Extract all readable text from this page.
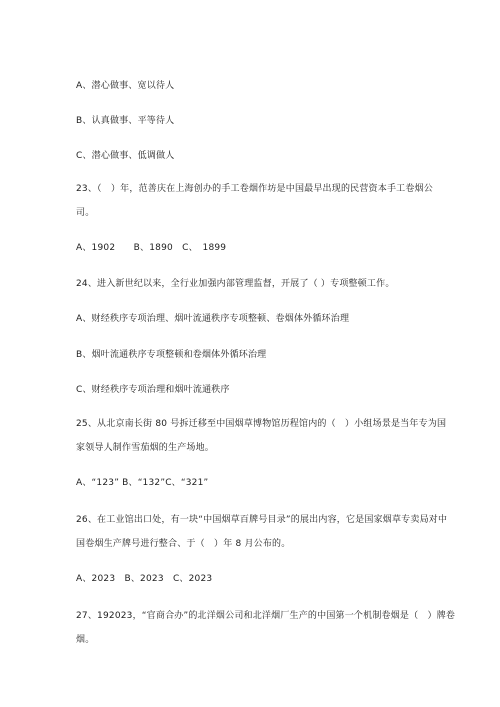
A、潜心做事、宽以待人
B、认真做事、平等待人
C、潜心做事、低调做人
23、（　）年，范善庆在上海创办的手工卷烟作坊是中国最早出现的民营资本手工卷烟公
司。
A、1902　　B、1890　C、　1899
24、进入新世纪以来，全行业加强内部管理监督，开展了（ ）专项整顿工作。
A、财经秩序专项治理、烟叶流通秩序专项整顿、卷烟体外循环治理
B、烟叶流通秩序专项整顿和卷烟体外循环治理
C、财经秩序专项治理和烟叶流通秩序
25、从北京南长街 80 号拆迁移至中国烟草博物馆历程馆内的（　）小组场景是当年专为国
家领导人制作雪茄烟的生产场地。
A、“123” B、“132”C、“321”
26、在工业馆出口处，有一块“中国烟草百牌号目录”的展出内容，它是国家烟草专卖局对中
国卷烟生产牌号进行整合、于（　）年 8 月公布的。
A、2023　B、2023　C、2023
27、192023，“官商合办”的北洋烟公司和北洋烟厂生产的中国第一个机制卷烟是（　）牌卷
烟。
